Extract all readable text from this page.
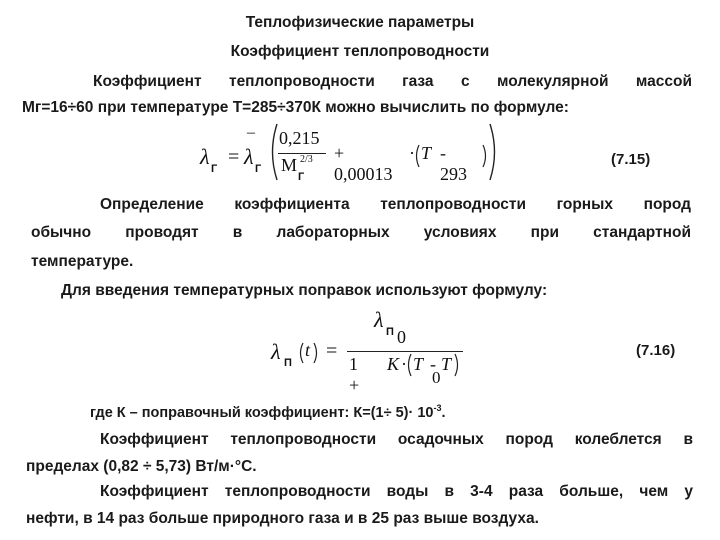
Теплофизические параметры
Коэффициент теплопроводности
Коэффициент теплопроводности газа с молекулярной массой
Мг=16÷60 при температуре Т=285÷370К можно вычислить по формуле:
λ Г
=
–
λ Г
0,215
M 2/3
Г
+ 0,00013
· T - 293
(7.15)
Определение коэффициента теплопроводности горных пород
обычно проводят в лабораторных условиях при стандартной
температуре.
Для введения температурных поправок используют формулу:
λ П
t =
λ П 0
1 +
K · T - T
0
(7.16)
где К – поправочный коэффициент: $К=(1\div 5)\cdot 10^{-3}$.
Коэффициент теплопроводности осадочных пород колеблется в
пределах (0,82 ÷ 5,73) Вт/м·°С.
Коэффициент теплопроводности воды в 3-4 раза больше, чем у
нефти, в 14 раз больше природного газа и в 25 раз выше воздуха.
